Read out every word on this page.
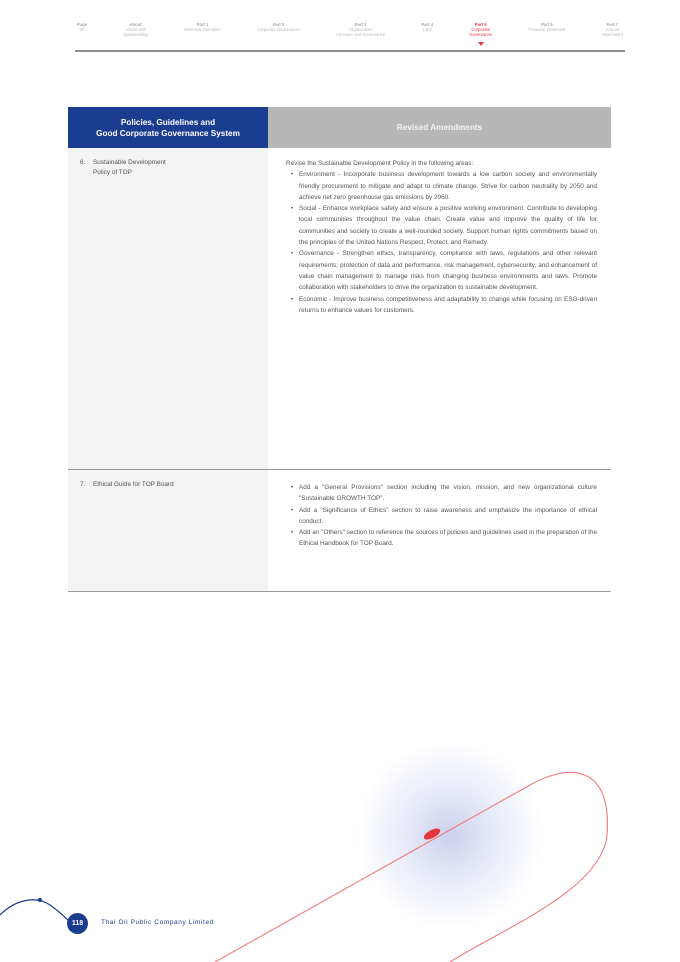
Page
00
About
Vision and
Sustainability
Part 1
Business Operation
Part 2
Corporate Governance
Part 3
Organization
Structure and Governance
Part 4
CEO
Part 5
Corporate
Governance
Part 6
Financial Statement
Part 7
Annual
Attachment
Policies, Guidelines and
Good Corporate Governance System
Revised Amendments
6.	Sustainable Development
Policy of TOP
Revise the Sustainable Development Policy in the following areas:
• Environment - Incorporate business development towards a low carbon society and environmentally friendly procurement to mitigate and adapt to climate change. Strive for carbon neutrality by 2050 and achieve net zero greenhouse gas emissions by 2060.
• Social - Enhance workplace safety and ensure a positive working environment. Contribute to developing local communities throughout the value chain. Create value and improve the quality of life for communities and society to create a well-rounded society. Support human rights commitments based on the principles of the United Nations Respect, Protect, and Remedy.
• Governance - Strengthen ethics, transparency, compliance with laws, regulations and other relevant requirements; protection of data and performance, risk management, cybersecurity, and enhancement of value chain management to manage risks from changing business environments and laws. Promote collaboration with stakeholders to drive the organization to sustainable development.
• Economic - Improve business competitiveness and adaptability to change while focusing on ESG-driven returns to enhance values for customers.
7.	Ethical Guide for TOP Board
•	Add a "General Provisions" section including the vision, mission, and new organizational culture "Sustainable GROWTH TOP".
• Add a "Significance of Ethics" section to raise awareness and emphasize the importance of ethical conduct.
• Add an "Others" section to reference the sources of policies and guidelines used in the preparation of the Ethical Handbook for TOP Board.
118	Thai Oil Public Company Limited
